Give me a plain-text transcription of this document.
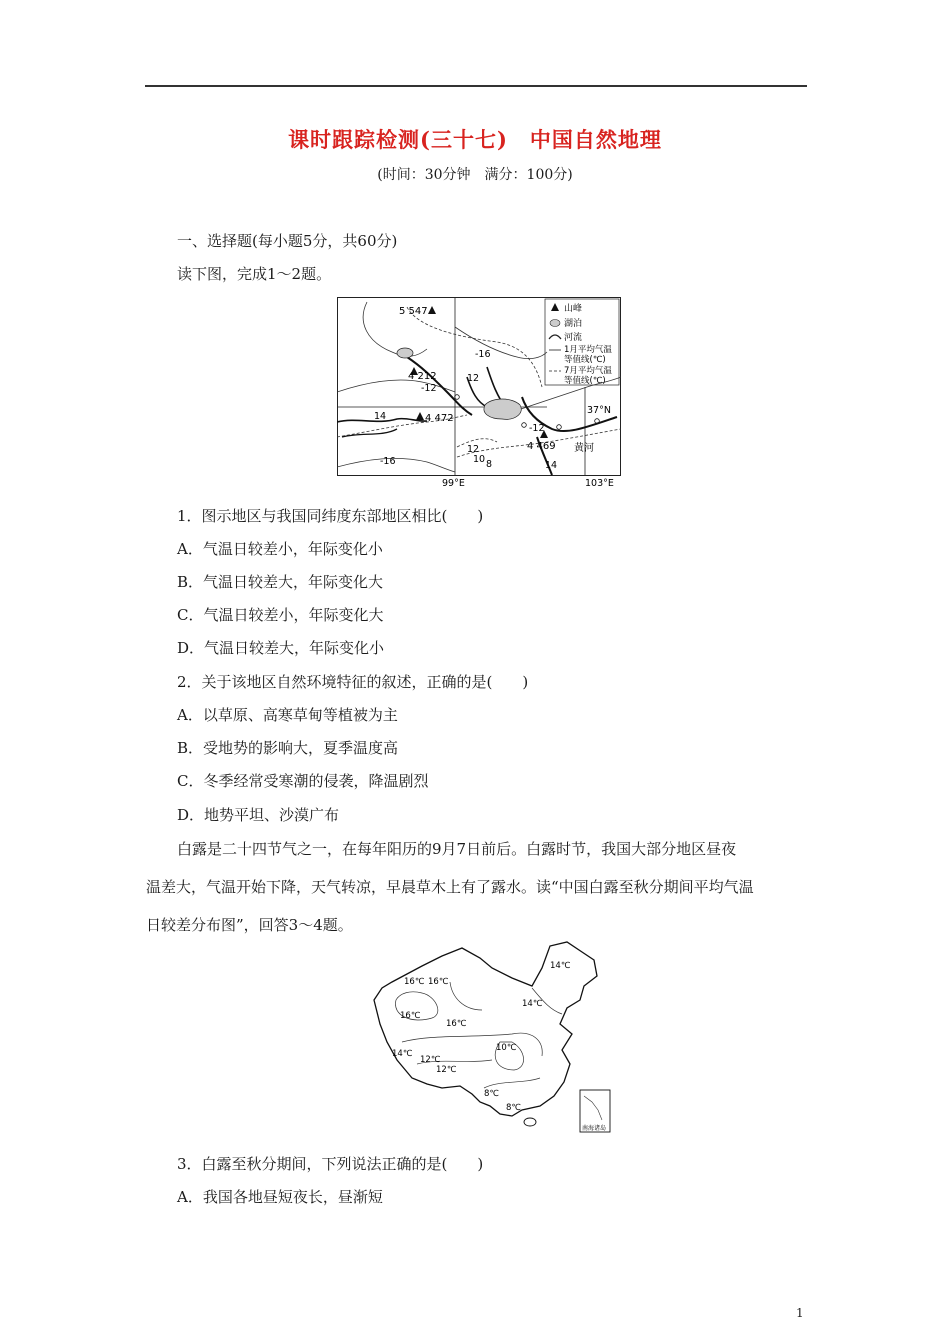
课时跟踪检测(三十七)　中国自然地理
(时间：30分钟　满分：100分)
一、选择题(每小题5分，共60分)
读下图，完成1～2题。
山峰
湖泊
河流
1月平均气温
等值线(℃)
7月平均气温
等值线(℃)
5 547
4 212
4 472
4 469
-16
-12
12
14
-12
12
10 8
-16	14
黄河
37°N
99°E	103°E
1．图示地区与我国同纬度东部地区相比(　　)
A．气温日较差小，年际变化小
B．气温日较差大，年际变化大
C．气温日较差小，年际变化大
D．气温日较差大，年际变化小
2．关于该地区自然环境特征的叙述，正确的是(　　)
A．以草原、高寒草甸等植被为主
B．受地势的影响大，夏季温度高
C．冬季经常受寒潮的侵袭，降温剧烈
D．地势平坦、沙漠广布
白露是二十四节气之一，在每年阳历的9月7日前后。白露时节，我国大部分地区昼夜
温差大，气温开始下降，天气转凉，早晨草木上有了露水。读“中国白露至秋分期间平均气温
日较差分布图”，回答3～4题。
南海诸岛
16℃ 16℃
16℃
16℃
14℃
14℃
14℃
12℃
12℃
10℃
8℃
8℃
3．白露至秋分期间，下列说法正确的是(　　)
A．我国各地昼短夜长，昼渐短
1
